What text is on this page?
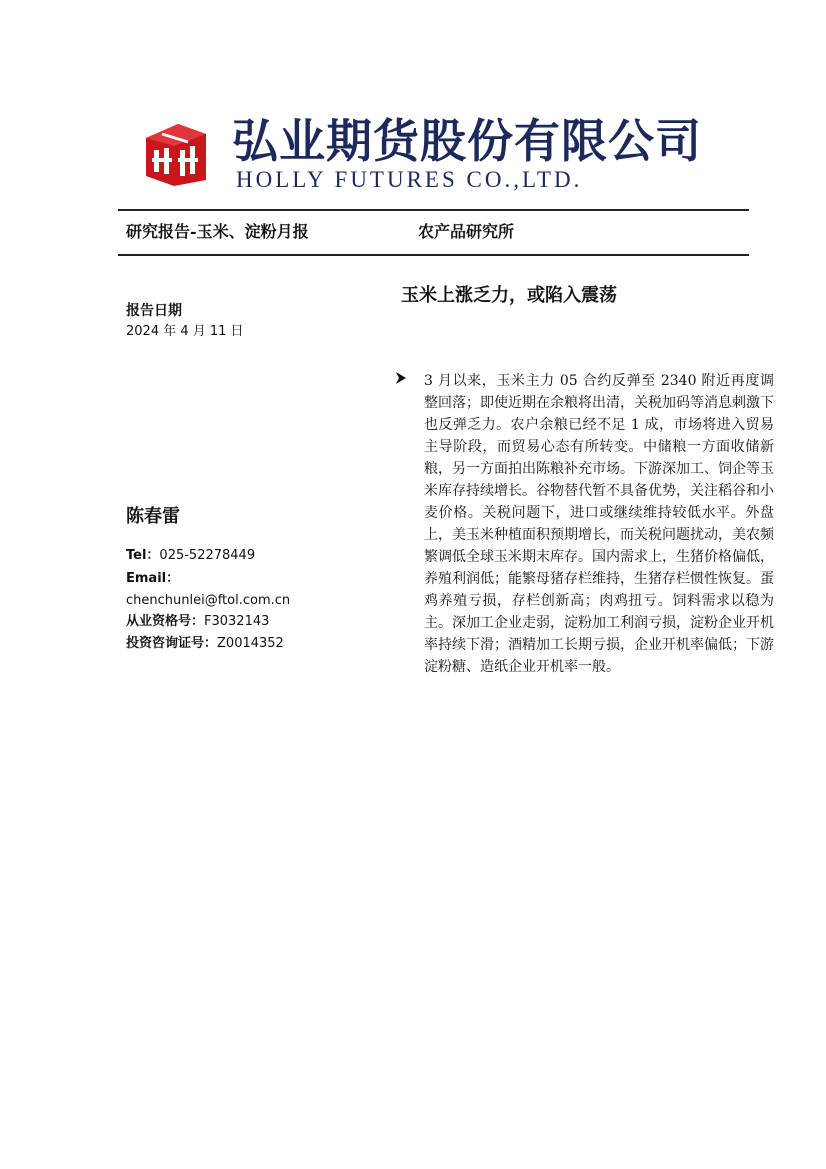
弘业期货股份有限公司
HOLLY FUTURES CO.,LTD.
研究报告-玉米、淀粉月报	农产品研究所
玉米上涨乏力，或陷入震荡
报告日期
2024 年 4 月 11 日
陈春雷
Tel：025-52278449
Email：
chenchunlei@ftol.com.cn
从业资格号：F3032143
投资咨询证号：Z0014352
3 月以来，玉米主力 05 合约反弹至 2340 附近再度调整回落；即使近期在余粮将出清，关税加码等消息刺激下也反弹乏力。农户余粮已经不足 1 成，市场将进入贸易主导阶段，而贸易心态有所转变。中储粮一方面收储新粮，另一方面拍出陈粮补充市场。下游深加工、饲企等玉米库存持续增长。谷物替代暂不具备优势，关注稻谷和小麦价格。关税问题下，进口或继续维持较低水平。外盘上，美玉米种植面积预期增长，而关税问题扰动，美农频繁调低全球玉米期末库存。国内需求上，生猪价格偏低，养殖利润低；能繁母猪存栏维持，生猪存栏惯性恢复。蛋鸡养殖亏损，存栏创新高；肉鸡扭亏。饲料需求以稳为主。深加工企业走弱，淀粉加工利润亏损，淀粉企业开机率持续下滑；酒精加工长期亏损，企业开机率偏低；下游淀粉糖、造纸企业开机率一般。
